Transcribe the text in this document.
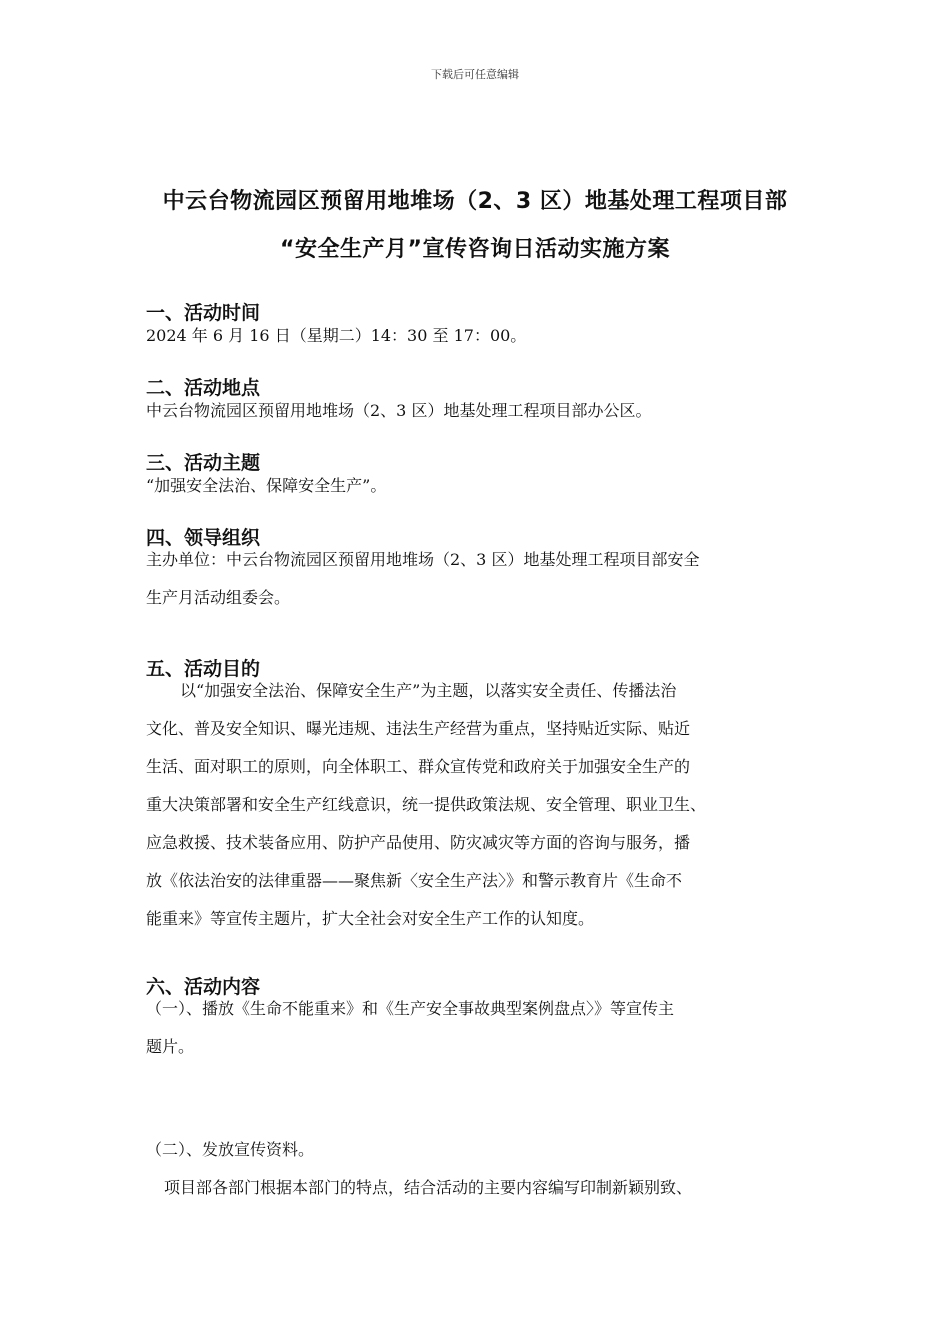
下载后可任意编辑
中云台物流园区预留用地堆场（2、3 区）地基处理工程项目部
“安全生产月”宣传咨询日活动实施方案
一、活动时间
2024 年 6 月 16 日（星期二）14：30 至 17：00。
二、活动地点
中云台物流园区预留用地堆场（2、3 区）地基处理工程项目部办公区。
三、活动主题
“加强安全法治、保障安全生产”。
四、领导组织
主办单位：中云台物流园区预留用地堆场（2、3 区）地基处理工程项目部安全
生产月活动组委会。
五、活动目的
以“加强安全法治、保障安全生产”为主题，以落实安全责任、传播法治
文化、普及安全知识、曝光违规、违法生产经营为重点，坚持贴近实际、贴近
生活、面对职工的原则，向全体职工、群众宣传党和政府关于加强安全生产的
重大决策部署和安全生产红线意识，统一提供政策法规、安全管理、职业卫生、
应急救援、技术装备应用、防护产品使用、防灾减灾等方面的咨询与服务，播
放《依法治安的法律重器——聚焦新〈安全生产法〉》和警示教育片《生命不
能重来》等宣传主题片，扩大全社会对安全生产工作的认知度。
六、活动内容
（一）、播放《生命不能重来》和《生产安全事故典型案例盘点〉》等宣传主
题片。
（二）、发放宣传资料。
项目部各部门根据本部门的特点，结合活动的主要内容编写印制新颖别致、
